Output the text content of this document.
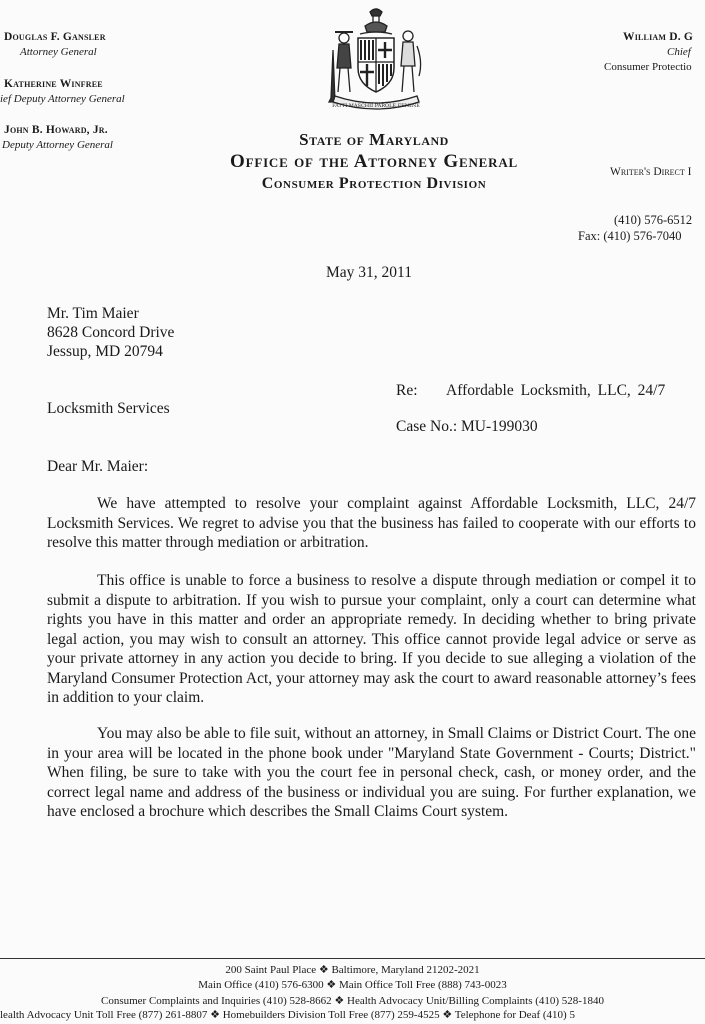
Douglas F. Gansler
Attorney General
Katherine Winfree
ief Deputy Attorney General
John B. Howard, Jr.
Deputy Attorney General
FATTI MASCHII PAROLE FEMINE
William D. G
Chief
Consumer Protectio
State of Maryland
Office of the Attorney General
Consumer Protection Division
Writer's Direct I
(410) 576-6512
Fax: (410) 576-7040
May 31, 2011
Mr. Tim Maier
8628 Concord Drive
Jessup, MD 20794
Re: Affordable Locksmith, LLC, 24/7
Locksmith Services
Case No.: MU-199030
Dear Mr. Maier:

We have attempted to resolve your complaint against Affordable Locksmith, LLC, 24/7 Locksmith Services. We regret to advise you that the business has failed to cooperate with our efforts to resolve this matter through mediation or arbitration.

This office is unable to force a business to resolve a dispute through mediation or compel it to submit a dispute to arbitration. If you wish to pursue your complaint, only a court can determine what rights you have in this matter and order an appropriate remedy. In deciding whether to bring private legal action, you may wish to consult an attorney. This office cannot provide legal advice or serve as your private attorney in any action you decide to bring. If you decide to sue alleging a violation of the Maryland Consumer Protection Act, your attorney may ask the court to award reasonable attorney’s fees in addition to your claim.

You may also be able to file suit, without an attorney, in Small Claims or District Court. The one in your area will be located in the phone book under "Maryland State Government - Courts; District." When filing, be sure to take with you the court fee in personal check, cash, or money order, and the correct legal name and address of the business or individual you are suing. For further explanation, we have enclosed a brochure which describes the Small Claims Court system.

200 Saint Paul Place ❖ Baltimore, Maryland 21202-2021
Main Office (410) 576-6300 ❖ Main Office Toll Free (888) 743-0023
Consumer Complaints and Inquiries (410) 528-8662 ❖ Health Advocacy Unit/Billing Complaints (410) 528-1840
lealth Advocacy Unit Toll Free (877) 261-8807 ❖ Homebuilders Division Toll Free (877) 259-4525 ❖ Telephone for Deaf (410) 5
